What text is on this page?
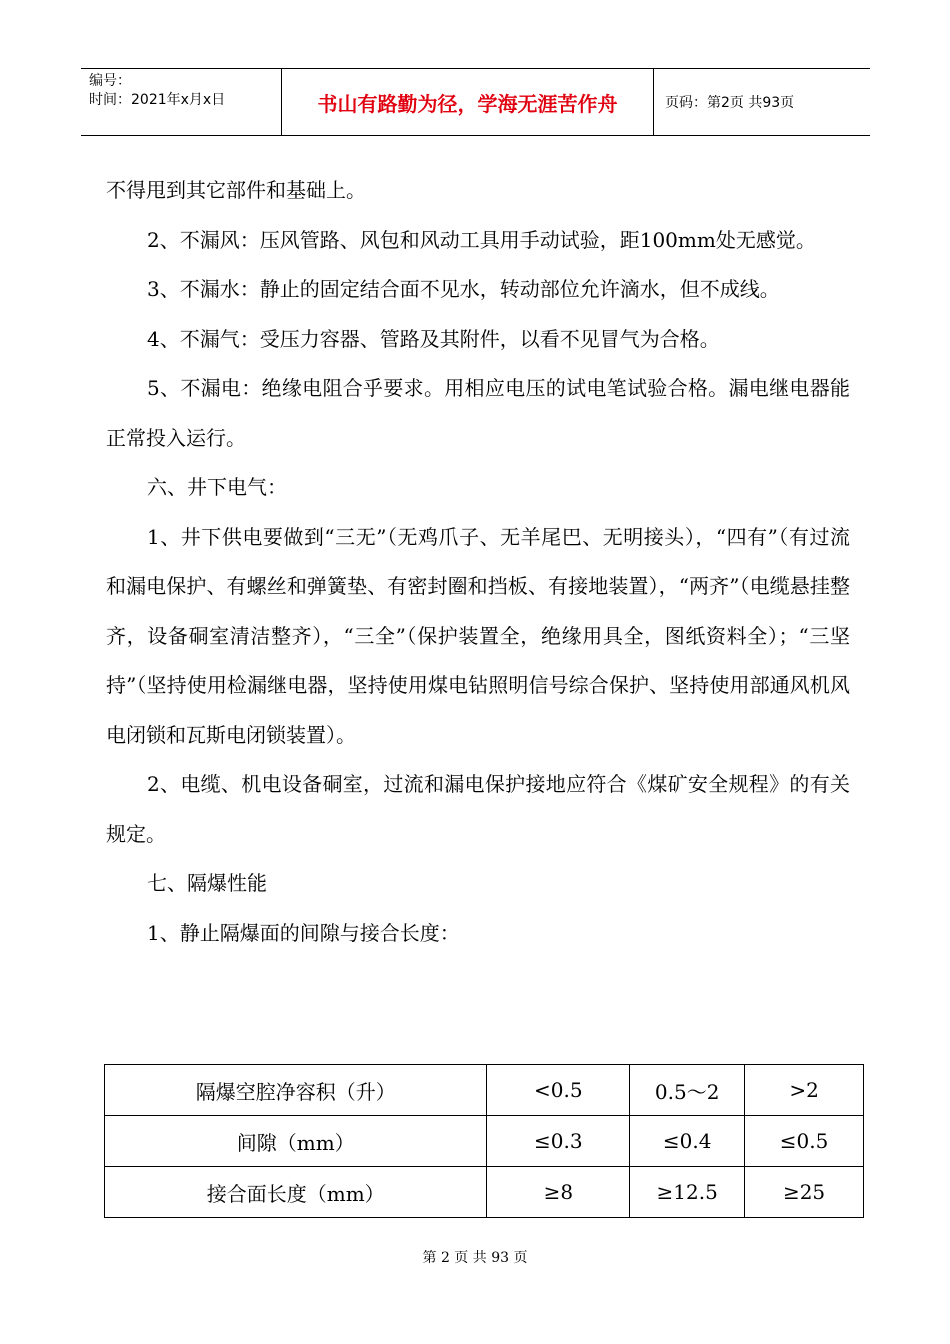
编号：
时间：2021年x月x日	书山有路勤为径，学海无涯苦作舟	页码：第2页 共93页

不得甩到其它部件和基础上。

2、不漏风：压风管路、风包和风动工具用手动试验，距100mm处无感觉。

3、不漏水：静止的固定结合面不见水，转动部位允许滴水，但不成线。

4、不漏气：受压力容器、管路及其附件，以看不见冒气为合格。

5、不漏电：绝缘电阻合乎要求。用相应电压的试电笔试验合格。漏电继电器能正常投入运行。

六、井下电气：

1、井下供电要做到“三无”（无鸡爪子、无羊尾巴、无明接头），“四有”（有过流和漏电保护、有螺丝和弹簧垫、有密封圈和挡板、有接地装置），“两齐”（电缆悬挂整齐，设备硐室清洁整齐），“三全”（保护装置全，绝缘用具全，图纸资料全）；“三坚持”（坚持使用检漏继电器，坚持使用煤电钻照明信号综合保护、坚持使用部通风机风电闭锁和瓦斯电闭锁装置）。

2、电缆、机电设备硐室，过流和漏电保护接地应符合《煤矿安全规程》的有关规定。

七、隔爆性能

1、静止隔爆面的间隙与接合长度：

隔爆空腔净容积（升）	<0.5	0.5～2	>2
间隙（mm）	≤0.3	≤0.4	≤0.5
接合面长度（mm）	≥8	≥12.5	≥25
第 2 页 共 93 页
